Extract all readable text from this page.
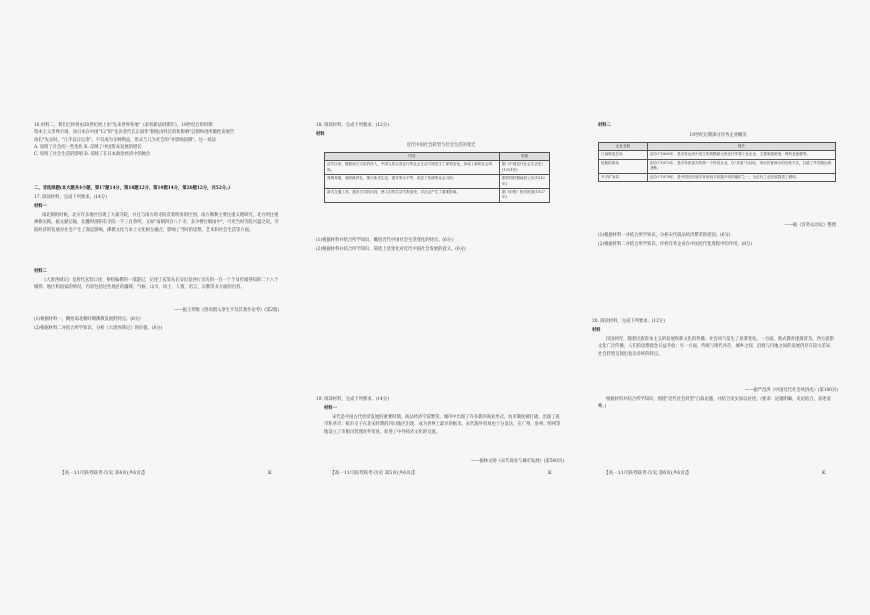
16.材料二，我们已经将由20世纪初上由"先来世界各地"《求机新法时期年》，19世纪后的时期
资本主义世界市场，而日本在中国"12"的"先决者代在正面作"制度由经过的和影响"以图和进所做性发展告
动们"先实时。"几乎以日后余"。不仅成为多种利益，形式与几为社会的"并影响国制"。这一说法
A. 说明了社会的一些变化 B. 反映了中国资本发展的增长
C. 说明了社会生活的影响 D. 反映了在日本政治经济中的地位
二、非选择题(本大题共4小题，第17题14分，第18题12分，第19题14分，第20题12分，共52分。)
17. 阅读材料，完成下列要求。(14分)
材料一
南北朝的时候，北方许多地区出现了大量寺院，并且与南方的寺院有着明显的区别。南方佛教主要注重义理研究，北方则注重禅修实践。据文献记载，北魏时洛阳有寺院一千三百余所，又如"南朝四百八十寺，多少楼台烟雨中"，可见当时寺院兴盛之况。寺院经济的发展对社会产生了深远影响，佛教文化与本土文化相互融合，影响了当时的思想、艺术和社会生活等方面。
材料二
《大唐西域记》是唐代玄奘口述、辩机编撰的一部游记，记述了玄奘从长安出发西行亲历的一百一十个及传闻得知的二十八个城邦、地区和国家的情况，内容包括这些地区的疆域、气候、山川、风土、人情、语言、宗教等多方面的内容。
——据王邦维《唐高僧义净生平及其著作论考》(第2版)
(1)根据材料一，概括南北朝时期佛教发展的特点。(6分)
(2)根据材料二并结合所学知识，分析《大唐西域记》的价值。(8分)
【高一11月联考联考·历史 第4页(共6页)】	K
18. 阅读材料，完成下列要求。(12分)
材料
近代中国社会转型与社会生活的变迁
内容	来源
近代以来，随着西方文化的传入，中国人的衣食住行等社会生活方面发生了深刻变化，形成了新的社会风尚。	据《中国近代社会生活史》(1911年)
剪辫易服，废除跪拜礼，推行新式礼仪，倡导男女平等，改变了传统的社会习俗。	据民国时期政府公告(1912年)
新式交通工具、通讯方式的出现，使人们的生活节奏加快，对社会产生了重要影响。	据《申报》相关报道(1927年)
(1)根据材料并结合所学知识，概括近代中国社会生活变化的特点。(6分)
(2)根据材料并结合所学知识，简述上述变化对近代中国社会发展的意义。(6分)
19. 阅读材料，完成下列要求。(14分)
材料一
宋代是中国古代经济发展的重要时期，商品经济空前繁荣，城市中出现了许多新的商业形式。坊市制度被打破，出现了夜市和草市；纸币交子在北宋时期的四川地区出现，成为世界上最早的纸币。宋代海外贸易也十分发达，在广州、泉州、明州等地设立了市舶司管理对外贸易，促进了中外经济文化的交流。
——据林文勋《宋代商业与城市发展》(第500页)
【高一11月联考联考·历史 第5页(共6页)】	K
材料二
19世纪后期部分洋务企业概况
企业名称	简介
江南制造总局	创办于1865年，是洋务运动中设立的规模最大的近代军事工业企业，主要制造枪炮、弹药及船舰等。
轮船招商局	创办于1872年，是洋务派创办的第一个民用企业，以"求富"为目标，采用官督商办的经营方式，打破了外国航运的垄断。
开平矿务局	创办于1878年，是中国近代较早采用西方机器开采的煤矿之一，为近代工业发展提供了燃料。
——据《洋务运动史》整理
(1)根据材料一并结合所学知识，分析宋代商品经济繁荣的原因。(6分)
(2)根据材料二并结合所学知识，评析洋务企业在中国近代化进程中的作用。(8分)
20. 阅读材料，完成下列要求。(12分)
材料
民国初年，随着民族资本主义的发展和新文化的传播，社会风气发生了显著变化。一方面，新式教育逐渐普及，西方思想文化广泛传播，人们的思想观念日益开放；另一方面，传统与现代并存，城乡之间、沿海与内地之间的发展仍存在较大差异，社会转型呈现出复杂多样的特点。
——据严昌洪《中国近代社会风俗史》(第180页)
根据材料并结合所学知识，围绕"近代社会转型"自拟论题，并结合史实加以论述。(要求：论题明确，史论结合，表述清晰。)
【高一11月联考联考·历史 第6页(共6页)】	K
